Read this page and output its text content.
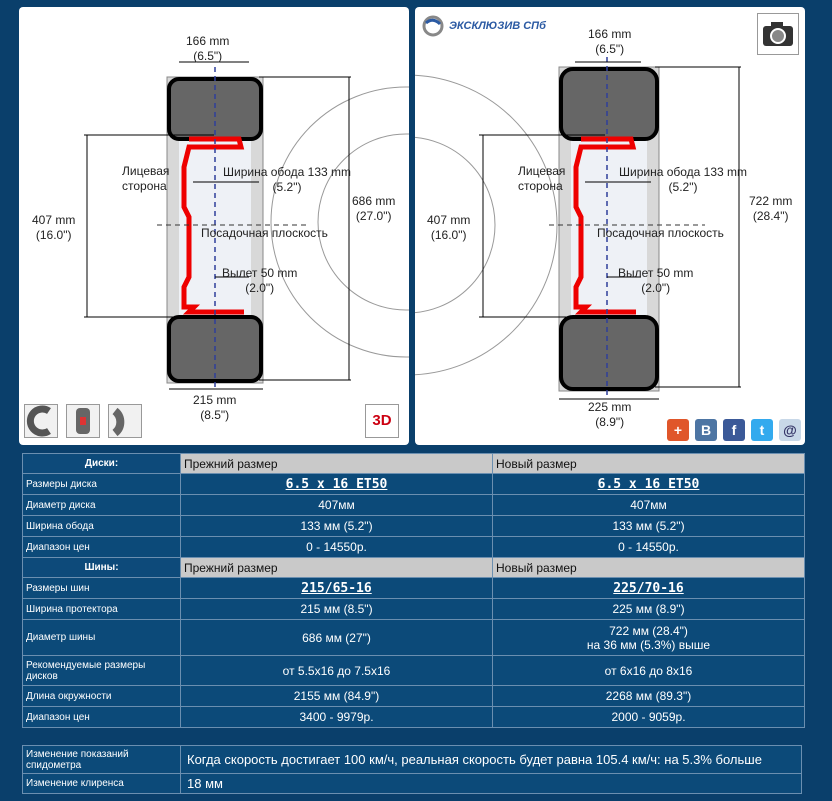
166 mm
(6.5")
Лицевая
сторона
Ширина обода 133 mm
(5.2")
407 mm
(16.0")
686 mm
(27.0")
Посадочная плоскость
Вылет 50 mm
(2.0")
215 mm
(8.5")	3D
ЭКСКЛЮЗИВ СПб
166 mm
(6.5")
Лицевая
сторона
Ширина обода 133 mm
(5.2")
407 mm
(16.0")
722 mm
(28.4")
Посадочная плоскость
Вылет 50 mm
(2.0")
225 mm
(8.9")	+	В	f	t	@
Диски:	Прежний размер	Новый размер
Размеры диска	6.5 x 16 ET50	6.5 x 16 ET50
Диаметр диска	407мм	407мм
Ширина обода	133 мм (5.2")	133 мм (5.2")
Диапазон цен	0 - 14550р.	0 - 14550р.
Шины:	Прежний размер	Новый размер
Размеры шин	215/65-16	225/70-16
Ширина протектора	215 мм (8.5")	225 мм (8.9")
Диаметр шины	686 мм (27")	722 мм (28.4")
на 36 мм (5.3%) выше
Рекомендуемые размеры дисков	от 5.5x16 до 7.5x16	от 6x16 до 8x16
Длина окружности	2155 мм (84.9")	2268 мм (89.3")
Диапазон цен	3400 - 9979р.	2000 - 9059р.
Изменение показаний спидометра	Когда скорость достигает 100 км/ч, реальная скорость будет равна 105.4 км/ч: на 5.3% больше
Изменение клиренса	18 мм
